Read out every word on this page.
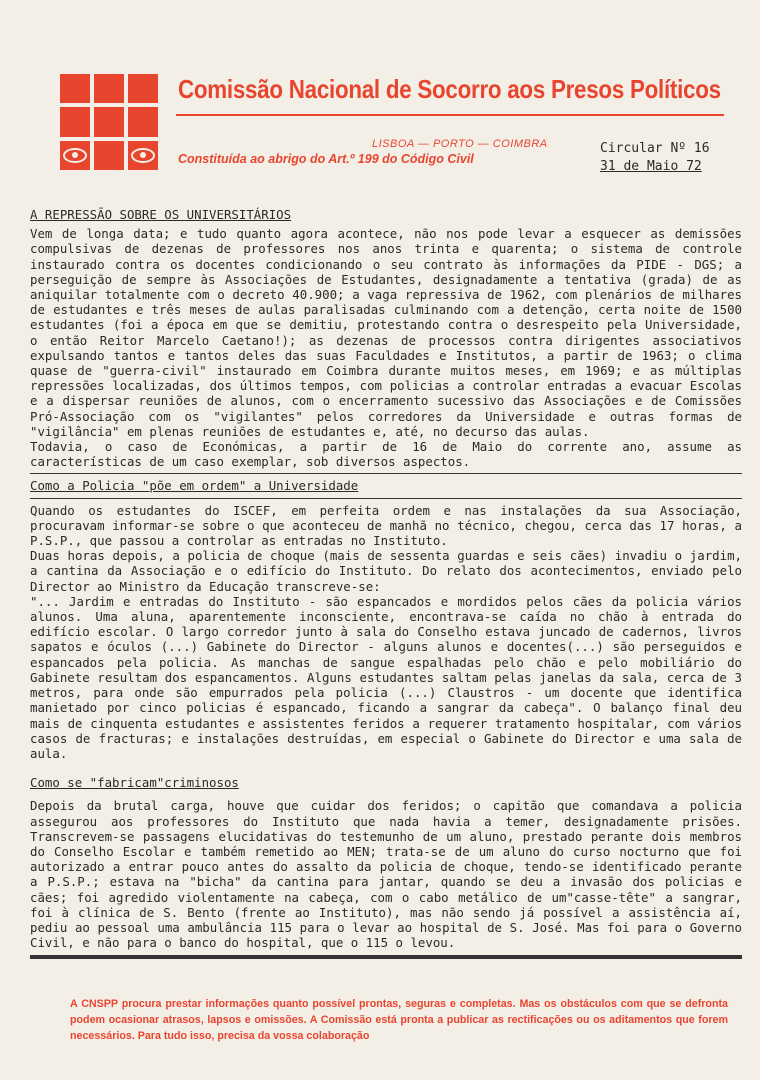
Comissão Nacional de Socorro aos Presos Políticos
LISBOA — PORTO — COIMBRA
Constituída ao abrigo do Art.º 199 do Código Civil
Circular Nº 16
31 de Maio 72
A REPRESSÃO SOBRE OS UNIVERSITÁRIOS

Vem de longa data; e tudo quanto agora acontece, não nos pode levar a esquecer as demissões compulsivas de dezenas de professores nos anos trinta e quarenta; o sistema de controle instaurado contra os docentes condicionando o seu contrato às informações da PIDE - DGS; a perseguição de sempre às Associações de Estudantes, designadamente a tentativa (grada) de as aniquilar totalmente com o decreto 40.900; a vaga repressiva de 1962, com plenários de milhares de estudantes e três meses de aulas paralisadas culminando com a detenção, certa noite de 1500 estudantes (foi a época em que se demitiu, protestando contra o desrespeito pela Universidade, o então Reitor Marcelo Caetano!); as dezenas de processos contra dirigentes associativos expulsando tantos e tantos deles das suas Faculdades e Institutos, a partir de 1963; o clima quase de "guerra-civil" instaurado em Coimbra durante muitos meses, em 1969; e as múltiplas repressões localizadas, dos últimos tempos, com policias a controlar entradas a evacuar Escolas e a dispersar reuniões de alunos, com o encerramento sucessivo das Associações e de Comissões Pró-Associação com os "vigilantes" pelos corredores da Universidade e outras formas de "vigilância" em plenas reuniões de estudantes e, até, no decurso das aulas.

Todavia, o caso de Económicas, a partir de 16 de Maio do corrente ano, assume as características de um caso exemplar, sob diversos aspectos.

Como a Policia "põe em ordem" a Universidade

Quando os estudantes do ISCEF, em perfeita ordem e nas instalações da sua Associação, procuravam informar-se sobre o que aconteceu de manhã no técnico, chegou, cerca das 17 horas, a P.S.P., que passou a controlar as entradas no Instituto.

Duas horas depois, a policia de choque (mais de sessenta guardas e seis cães) invadiu o jardim, a cantina da Associação e o edifício do Instituto. Do relato dos acontecimentos, enviado pelo Director ao Ministro da Educação transcreve-se:

"... Jardim e entradas do Instituto - são espancados e mordidos pelos cães da policia vários alunos. Uma aluna, aparentemente inconsciente, encontrava-se caída no chão à entrada do edifício escolar. O largo corredor junto à sala do Conselho estava juncado de cadernos, livros sapatos e óculos (...) Gabinete do Director - alguns alunos e docentes(...) são perseguidos e espancados pela policia. As manchas de sangue espalhadas pelo chão e pelo mobiliário do Gabinete resultam dos espancamentos. Alguns estudantes saltam pelas janelas da sala, cerca de 3 metros, para onde são empurrados pela policia (...) Claustros - um docente que identifica manietado por cinco policias é espancado, ficando a sangrar da cabeça". O balanço final deu mais de cinquenta estudantes e assistentes feridos a requerer tratamento hospitalar, com vários casos de fracturas; e instalações destruídas, em especial o Gabinete do Director e uma sala de aula.

Como se "fabricam"criminosos

Depois da brutal carga, houve que cuidar dos feridos; o capitão que comandava a policia assegurou aos professores do Instituto que nada havia a temer, designadamente prisões. Transcrevem-se passagens elucidativas do testemunho de um aluno, prestado perante dois membros do Conselho Escolar e também remetido ao MEN; trata-se de um aluno do curso nocturno que foi autorizado a entrar pouco antes do assalto da policia de choque, tendo-se identificado perante a P.S.P.; estava na "bicha" da cantina para jantar, quando se deu a invasão dos policias e cães; foi agredido violentamente na cabeça, com o cabo metálico de um"casse-tête" a sangrar, foi à clínica de S. Bento (frente ao Instituto), mas não sendo já possível a assistência aí, pediu ao pessoal uma ambulância 115 para o levar ao hospital de S. José. Mas foi para o Governo Civil, e não para o banco do hospital, que o 115 o levou.

A CNSPP procura prestar informações quanto possível prontas, seguras e completas. Mas os obstáculos com que se defronta podem ocasionar atrasos, lapsos e omissões. A Comissão está pronta a publicar as rectificações ou os aditamentos que forem necessários. Para tudo isso, precisa da vossa colaboração
